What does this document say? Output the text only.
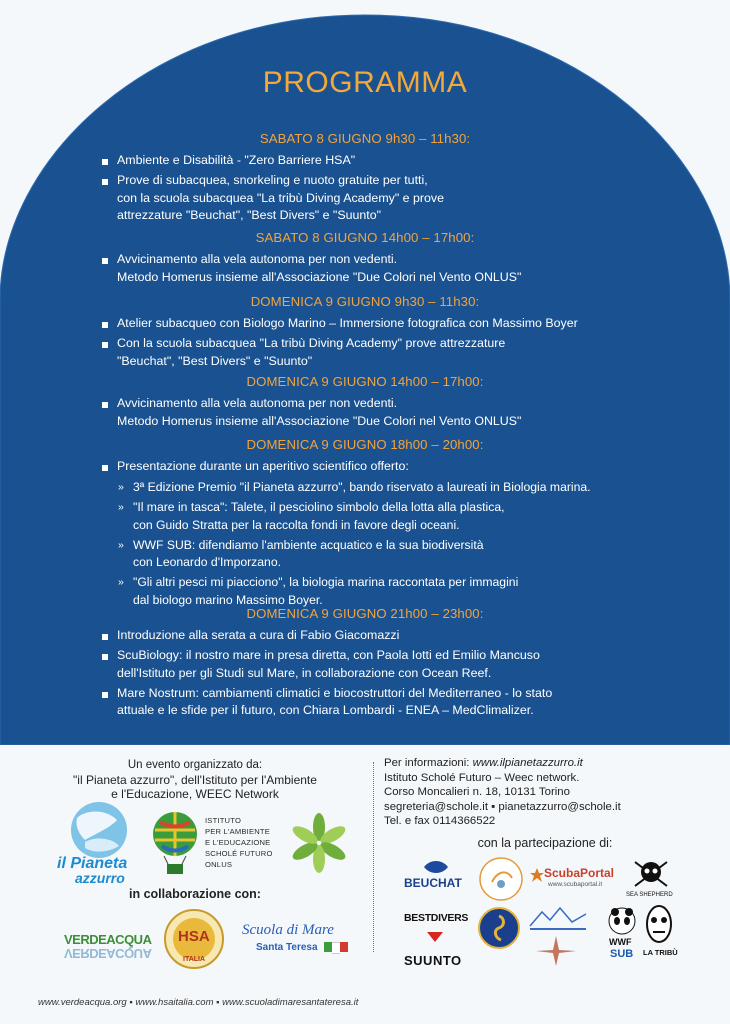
PROGRAMMA
SABATO 8 GIUGNO 9h30 – 11h30:
Ambiente e Disabilità - "Zero Barriere HSA"
Prove di subacquea, snorkeling e nuoto gratuite per tutti,
con la scuola subacquea "La tribù Diving Academy" e prove
attrezzature "Beuchat", "Best Divers" e "Suunto"
SABATO 8 GIUGNO 14h00 – 17h00:
Avvicinamento alla vela autonoma per non vedenti.
Metodo Homerus insieme all'Associazione "Due Colori nel Vento ONLUS"
DOMENICA 9 GIUGNO 9h30 – 11h30:
Atelier subacqueo con Biologo Marino – Immersione fotografica con Massimo Boyer
Con la scuola subacquea "La tribù Diving Academy" prove attrezzature
"Beuchat", "Best Divers" e "Suunto"
DOMENICA 9 GIUGNO 14h00 – 17h00:
Avvicinamento alla vela autonoma per non vedenti.
Metodo Homerus insieme all'Associazione "Due Colori nel Vento ONLUS"
DOMENICA 9 GIUGNO 18h00 – 20h00:
Presentazione durante un aperitivo scientifico offerto:
» 3ª Edizione Premio "il Pianeta azzurro", bando riservato a laureati in Biologia marina.
» "Il mare in tasca": Talete, il pesciolino simbolo della lotta alla plastica,
con Guido Stratta per la raccolta fondi in favore degli oceani.
» WWF SUB: difendiamo l'ambiente acquatico e la sua biodiversità
con Leonardo d'Imporzano.
» "Gli altri pesci mi piacciono", la biologia marina raccontata per immagini
dal biologo marino Massimo Boyer.
DOMENICA 9 GIUGNO 21h00 – 23h00:
Introduzione alla serata a cura di Fabio Giacomazzi
ScuBiology: il nostro mare in presa diretta, con Paola Iotti ed Emilio Mancuso
dell'Istituto per gli Studi sul Mare, in collaborazione con Ocean Reef.
Mare Nostrum: cambiamenti climatici e biocostruttori del Mediterraneo - lo stato
attuale e le sfide per il futuro, con Chiara Lombardi - ENEA – MedClimalizer.
Un evento organizzato da:
"il Pianeta azzurro", dell'Istituto per l'Ambiente
e l'Educazione, WEEC Network
il Pianeta
azzurro
ISTITUTO
PER L'AMBIENTE
E L'EDUCAZIONE
SCHOLÉ FUTURO
ONLUS
in collaborazione con:
VERDEACQUA
VERDEACQUA
HSA
ITALIA
Scuola di Mare
Santa Teresa
www.verdeacqua.org ▪ www.hsaitalia.com ▪ www.scuoladimaresantateresa.it
Per informazioni: www.ilpianetazzurro.it
Istituto Scholé Futuro – Weec network.
Corso Moncalieri n. 18, 10131 Torino
segreteria@schole.it ▪ pianetazzurro@schole.it
Tel. e fax 0114366522
con la partecipazione di:
BEUCHAT
ScubaPortal
www.scubaportal.it
SEA SHEPHERD
BESTDIVERS
SUUNTO
WWF
SUB LA TRIBÙ
